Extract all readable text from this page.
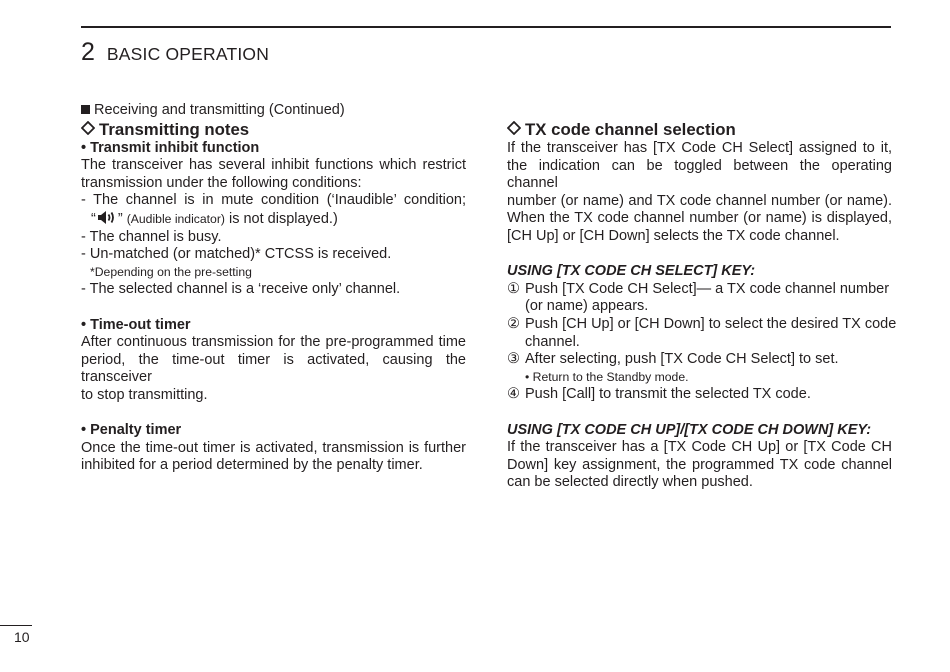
2 BASIC OPERATION
Receiving and transmitting (Continued)
Transmitting notes
• Transmit inhibit function
The transceiver has several inhibit functions which restrict
transmission under the following conditions:
- The channel is in mute condition (‘Inaudible’ condition;
“ ” (Audible indicator) is not displayed.)
- The channel is busy.
- Un-matched (or matched)* CTCSS is received.
*Depending on the pre-setting
- The selected channel is a ‘receive only’ channel.
• Time-out timer
After continuous transmission for the pre-programmed time
period, the time-out timer is activated, causing the transceiver
to stop transmitting.
• Penalty timer
Once the time-out timer is activated, transmission is further
inhibited for a period determined by the penalty timer.
TX code channel selection
If the transceiver has [TX Code CH Select] assigned to it,
the indication can be toggled between the operating channel
number (or name) and TX code channel number (or name).
When the TX code channel number (or name) is displayed,
[CH Up] or [CH Down] selects the TX code channel.
USING [TX CODE CH SELECT] KEY:
① Push [TX Code CH Select]— a TX code channel number
(or name) appears.
② Push [CH Up] or [CH Down] to select the desired TX code
channel.
③ After selecting, push [TX Code CH Select] to set.
• Return to the Standby mode.
④ Push [Call] to transmit the selected TX code.
USING [TX CODE CH UP]/[TX CODE CH DOWN] KEY:
If the transceiver has a [TX Code CH Up] or [TX Code CH
Down] key assignment, the programmed TX code channel
can be selected directly when pushed.
10
